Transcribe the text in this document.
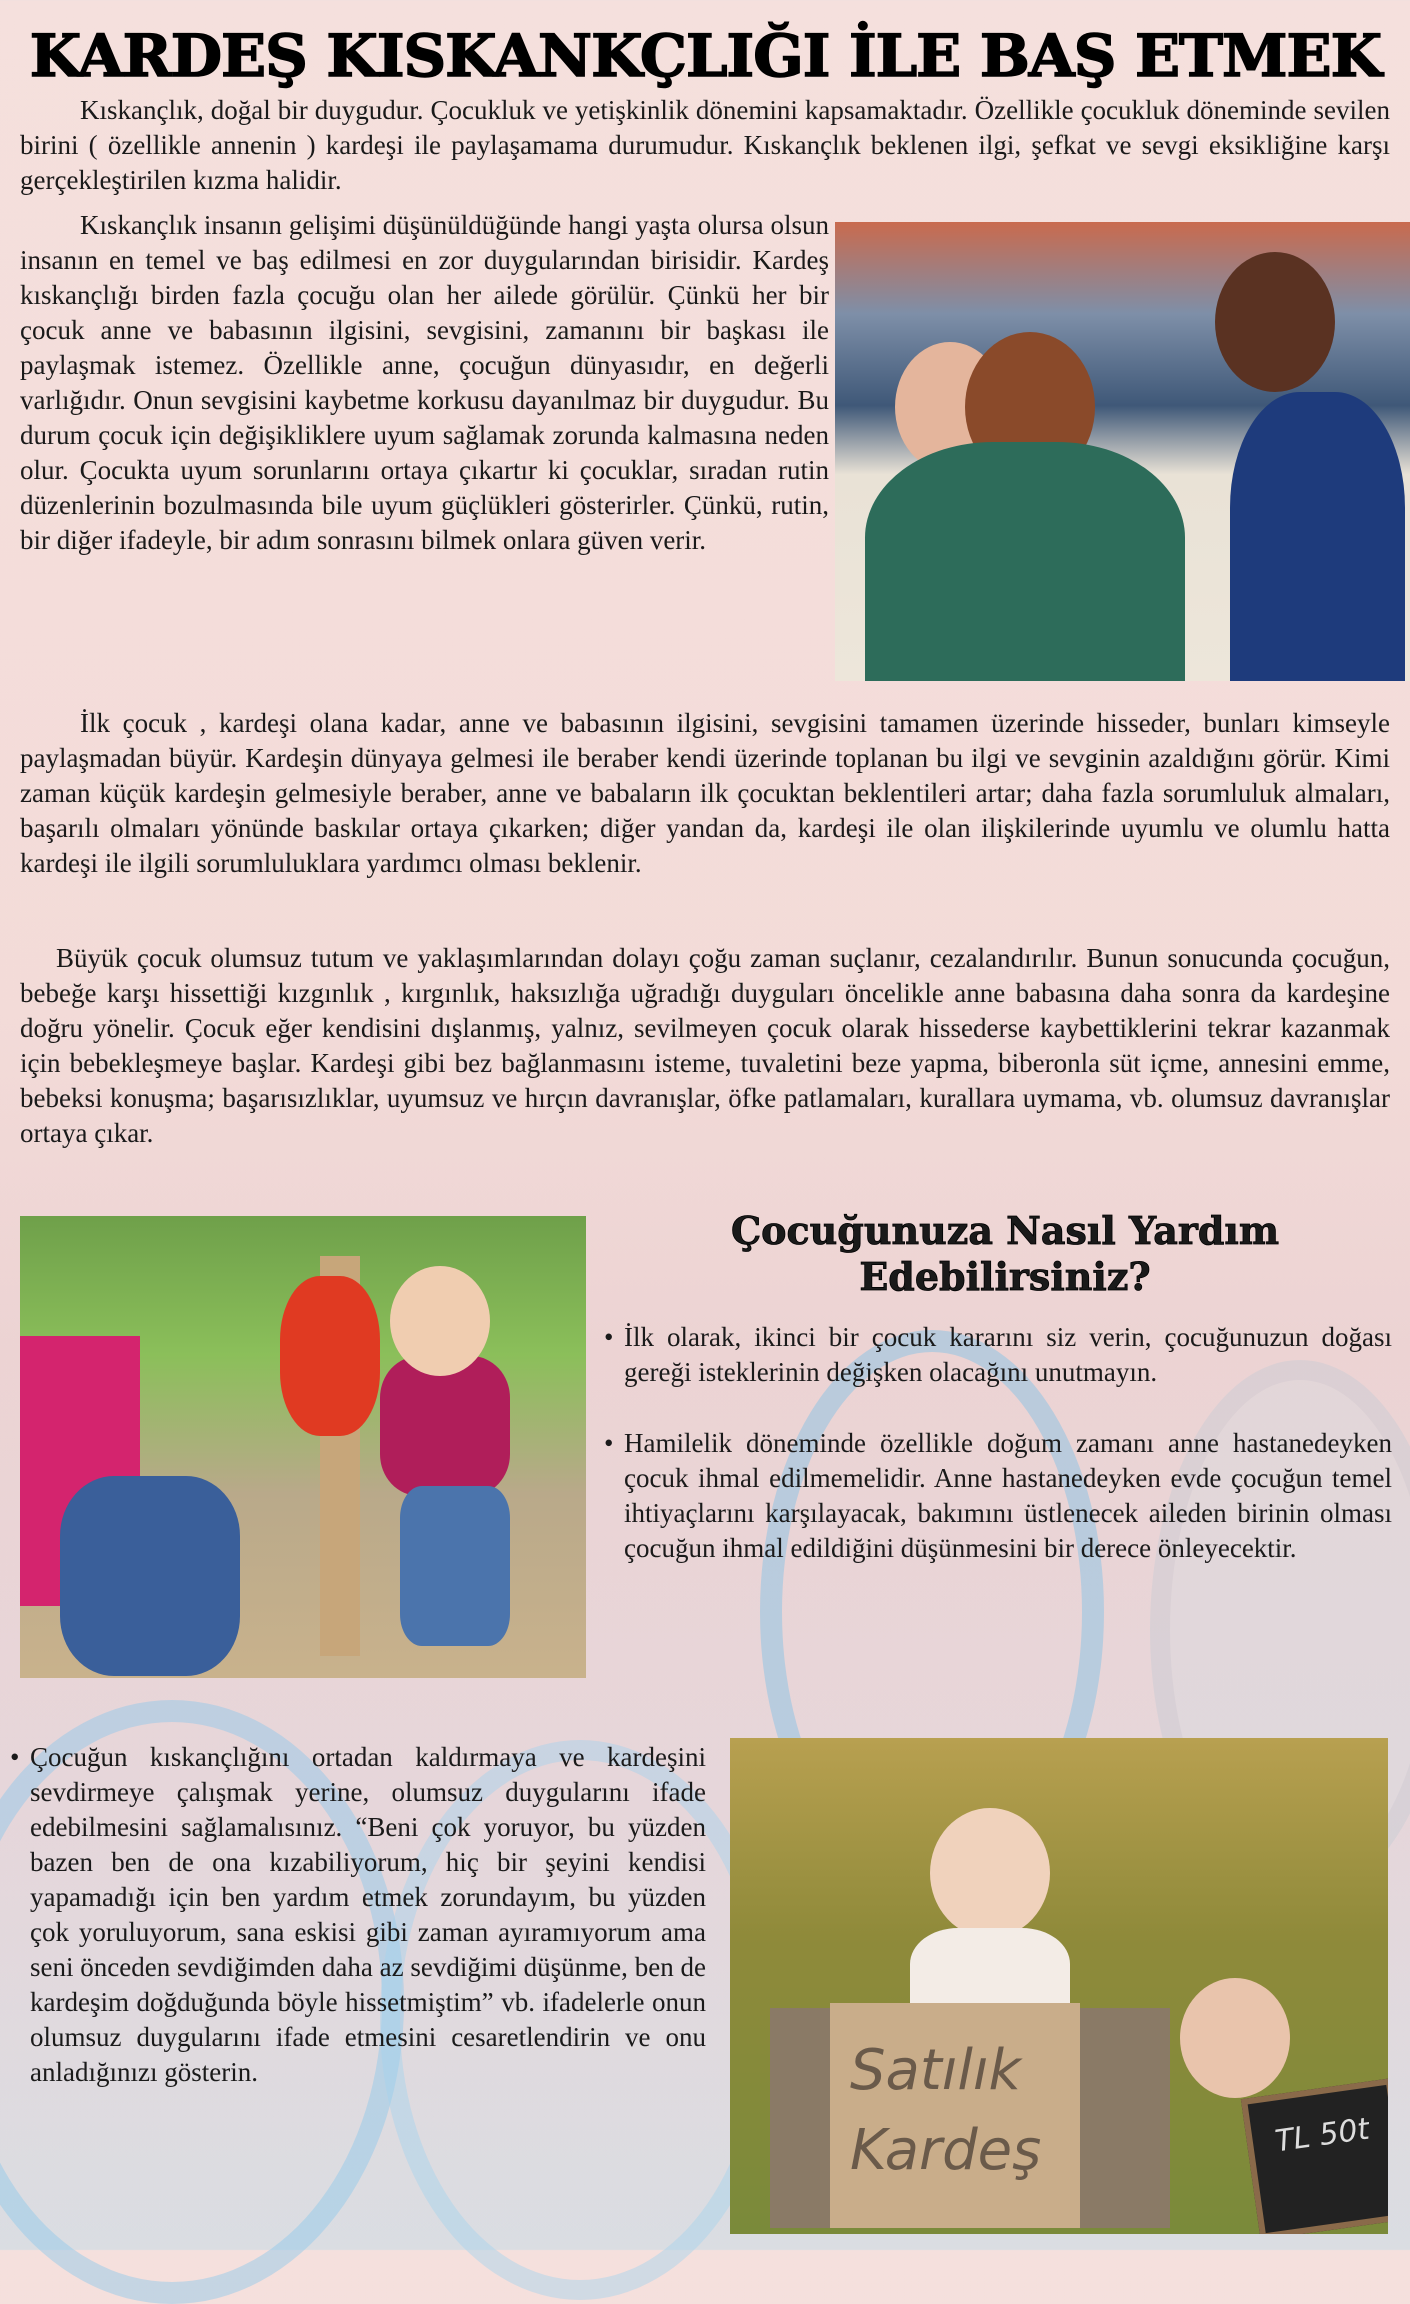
KARDEŞ KISKANKÇLIĞI İLE BAŞ ETMEK

Kıskançlık, doğal bir duygudur. Çocukluk ve yetişkinlik dönemini kapsamaktadır. Özellikle çocukluk döneminde sevilen birini ( özellikle annenin ) kardeşi ile paylaşamama durumudur. Kıskançlık beklenen ilgi, şefkat ve sevgi eksikliğine karşı gerçekleştirilen kızma halidir.

Kıskançlık insanın gelişimi düşünüldüğünde hangi yaşta olursa olsun insanın en temel ve baş edilmesi en zor duygularından birisidir. Kardeş kıskançlığı birden fazla çocuğu olan her ailede görülür. Çünkü her bir çocuk anne ve babasının ilgisini, sevgisini, zamanını bir başkası ile paylaşmak istemez. Özellikle anne, çocuğun dünyasıdır, en değerli varlığıdır. Onun sevgisini kaybetme korkusu dayanılmaz bir duygudur. Bu durum çocuk için değişikliklere uyum sağlamak zorunda kalmasına neden olur. Çocukta uyum sorunlarını ortaya çıkartır ki çocuklar, sıradan rutin düzenlerinin bozulmasında bile uyum güçlükleri gösterirler. Çünkü, rutin, bir diğer ifadeyle, bir adım sonrasını bilmek onlara güven verir.

İlk çocuk , kardeşi olana kadar, anne ve babasının ilgisini, sevgisini tamamen üzerinde hisseder, bunları kimseyle paylaşmadan büyür. Kardeşin dünyaya gelmesi ile beraber kendi üzerinde toplanan bu ilgi ve sevginin azaldığını görür. Kimi zaman küçük kardeşin gelmesiyle beraber, anne ve babaların ilk çocuktan beklentileri artar; daha fazla sorumluluk almaları, başarılı olmaları yönünde baskılar ortaya çıkarken; diğer yandan da, kardeşi ile olan ilişkilerinde uyumlu ve olumlu hatta kardeşi ile ilgili sorumluluklara yardımcı olması beklenir.

Büyük çocuk olumsuz tutum ve yaklaşımlarından dolayı çoğu zaman suçlanır, cezalandırılır. Bunun sonucunda çocuğun, bebeğe karşı hissettiği kızgınlık , kırgınlık, haksızlığa uğradığı duyguları öncelikle anne babasına daha sonra da kardeşine doğru yönelir. Çocuk eğer kendisini dışlanmış, yalnız, sevilmeyen çocuk olarak hissederse kaybettiklerini tekrar kazanmak için bebekleşmeye başlar. Kardeşi gibi bez bağlanmasını isteme, tuvaletini beze yapma, biberonla süt içme, annesini emme, bebeksi konuşma; başarısızlıklar, uyumsuz ve hırçın davranışlar, öfke patlamaları, kurallara uymama, vb. olumsuz davranışlar ortaya çıkar.

Çocuğunuza Nasıl Yardım Edebilirsiniz?
• İlk olarak, ikinci bir çocuk kararını siz verin, çocuğunuzun doğası gereği isteklerinin değişken olacağını unutmayın.
• Hamilelik döneminde özellikle doğum zamanı anne hastanedeyken çocuk ihmal edilmemelidir. Anne hastanedeyken evde çocuğun temel ihtiyaçlarını karşılayacak, bakımını üstlenecek aileden birinin olması çocuğun ihmal edildiğini düşünmesini bir derece önleyecektir.
• Çocuğun kıskançlığını ortadan kaldırmaya ve kardeşini sevdirmeye çalışmak yerine, olumsuz duygularını ifade edebilmesini sağlamalısınız. “Beni çok yoruyor, bu yüzden bazen ben de ona kızabiliyorum, hiç bir şeyini kendisi yapamadığı için ben yardım etmek zorundayım, bu yüzden çok yoruluyorum, sana eskisi gibi zaman ayıramıyorum ama seni önceden sevdiğimden daha az sevdiğimi düşünme, ben de kardeşim doğduğunda böyle hissetmiştim” vb. ifadelerle onun olumsuz duygularını ifade etmesini cesaretlendirin ve onu anladığınızı gösterin.	Satılık
Kardeş	TL 50t
